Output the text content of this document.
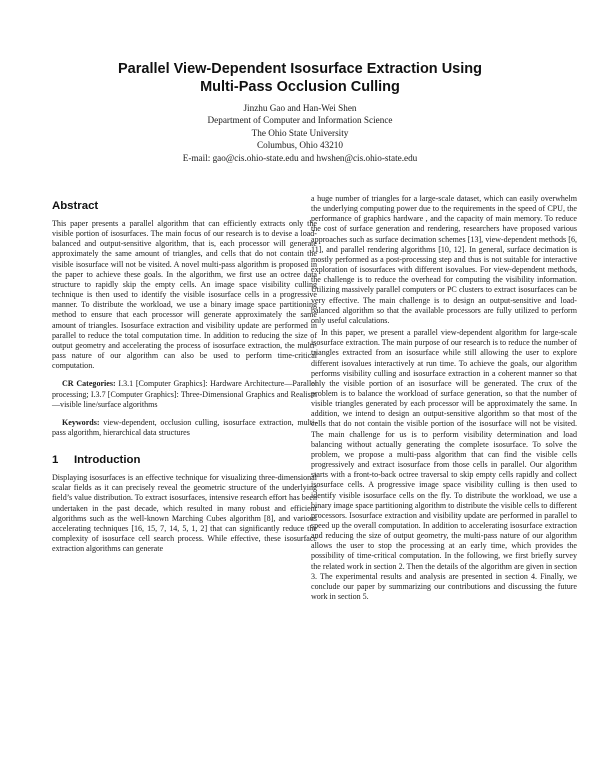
Parallel View-Dependent Isosurface Extraction Using
Multi-Pass Occlusion Culling
Jinzhu Gao and Han-Wei Shen
Department of Computer and Information Science
The Ohio State University
Columbus, Ohio 43210
E-mail: gao@cis.ohio-state.edu and hwshen@cis.ohio-state.edu
Abstract

This paper presents a parallel algorithm that can efficiently extracts only the visible portion of isosurfaces. The main focus of our research is to devise a load-balanced and output-sensitive algorithm, that is, each processor will generate approximately the same amount of triangles, and cells that do not contain the visible isosurface will not be visited. A novel multi-pass algorithm is proposed in the paper to achieve these goals. In the algorithm, we first use an octree data structure to rapidly skip the empty cells. An image space visibility culling technique is then used to identify the visible isosurface cells in a progressive manner. To distribute the workload, we use a binary image space partitioning method to ensure that each processor will generate approximately the same amount of triangles. Isosurface extraction and visibility update are performed in parallel to reduce the total computation time. In addition to reducing the size of output geometry and accelerating the process of isosurface extraction, the multi-pass nature of our algorithm can also be used to perform time-critical computation.

CR Categories: I.3.1 [Computer Graphics]: Hardware Architecture—Parallel processing; I.3.7 [Computer Graphics]: Three-Dimensional Graphics and Realism—visible line/surface algorithms

Keywords: view-dependent, occlusion culling, isosurface extraction, multi-pass algorithm, hierarchical data structures

1 Introduction

Displaying isosurfaces is an effective technique for visualizing three-dimensional scalar fields as it can precisely reveal the geometric structure of the underlying field’s value distribution. To extract isosurfaces, intensive research effort has been undertaken in the past decade, which resulted in many robust and efficient algorithms such as the well-known Marching Cubes algorithm [8], and various accelerating techniques [16, 15, 7, 14, 5, 1, 2] that can significantly reduce the complexity of isosurface cell search process. While effective, these isosurface extraction algorithms can generate

a huge number of triangles for a large-scale dataset, which can easily overwhelm the underlying computing power due to the requirements in the speed of CPU, the performance of graphics hardware , and the capacity of main memory. To reduce the cost of surface generation and rendering, researchers have proposed various approaches such as surface decimation schemes [13], view-dependent methods [6, 11], and parallel rendering algorithms [10, 12]. In general, surface decimation is mostly performed as a post-processing step and thus is not suitable for interactive exploration of isosurfaces with different isovalues. For view-dependent methods, the challenge is to reduce the overhead for computing the visibility information. Utilizing massively parallel computers or PC clusters to extract isosurfaces can be very effective. The main challenge is to design an output-sensitive and load-balanced algorithm so that the available processors are fully utilized to perform only useful calculations.

In this paper, we present a parallel view-dependent algorithm for large-scale isosurface extraction. The main purpose of our research is to reduce the number of triangles extracted from an isosurface while still allowing the user to explore different isovalues interactively at run time. To achieve the goals, our algorithm performs visibility culling and isosurface extraction in a coherent manner so that only the visible portion of an isosurface will be generated. The crux of the problem is to balance the workload of surface generation, so that the number of visible triangles generated by each processor will be approximately the same. In addition, we intend to design an output-sensitive algorithm so that most of the cells that do not contain the visible portion of the isosurface will not be visited. The main challenge for us is to perform visibility determination and load balancing without actually generating the complete isosurface. To solve the problem, we propose a multi-pass algorithm that can find the visible cells progressively and extract isosurface from those cells in parallel. Our algorithm starts with a front-to-back octree traversal to skip empty cells rapidly and collect isosurface cells. A progressive image space visibility culling is then used to identify visible isosurface cells on the fly. To distribute the workload, we use a binary image space partitioning algorithm to distribute the visible cells to different processors. Isosurface extraction and visibility update are performed in parallel to speed up the overall computation. In addition to accelerating isosurface extraction and reducing the size of output geometry, the multi-pass nature of our algorithm allows the user to stop the processing at an early time, which provides the possibility of time-critical computation. In the following, we first briefly survey the related work in section 2. Then the details of the algorithm are given in section 3. The experimental results and analysis are presented in section 4. Finally, we conclude our paper by summarizing our contributions and discussing the future work in section 5.
